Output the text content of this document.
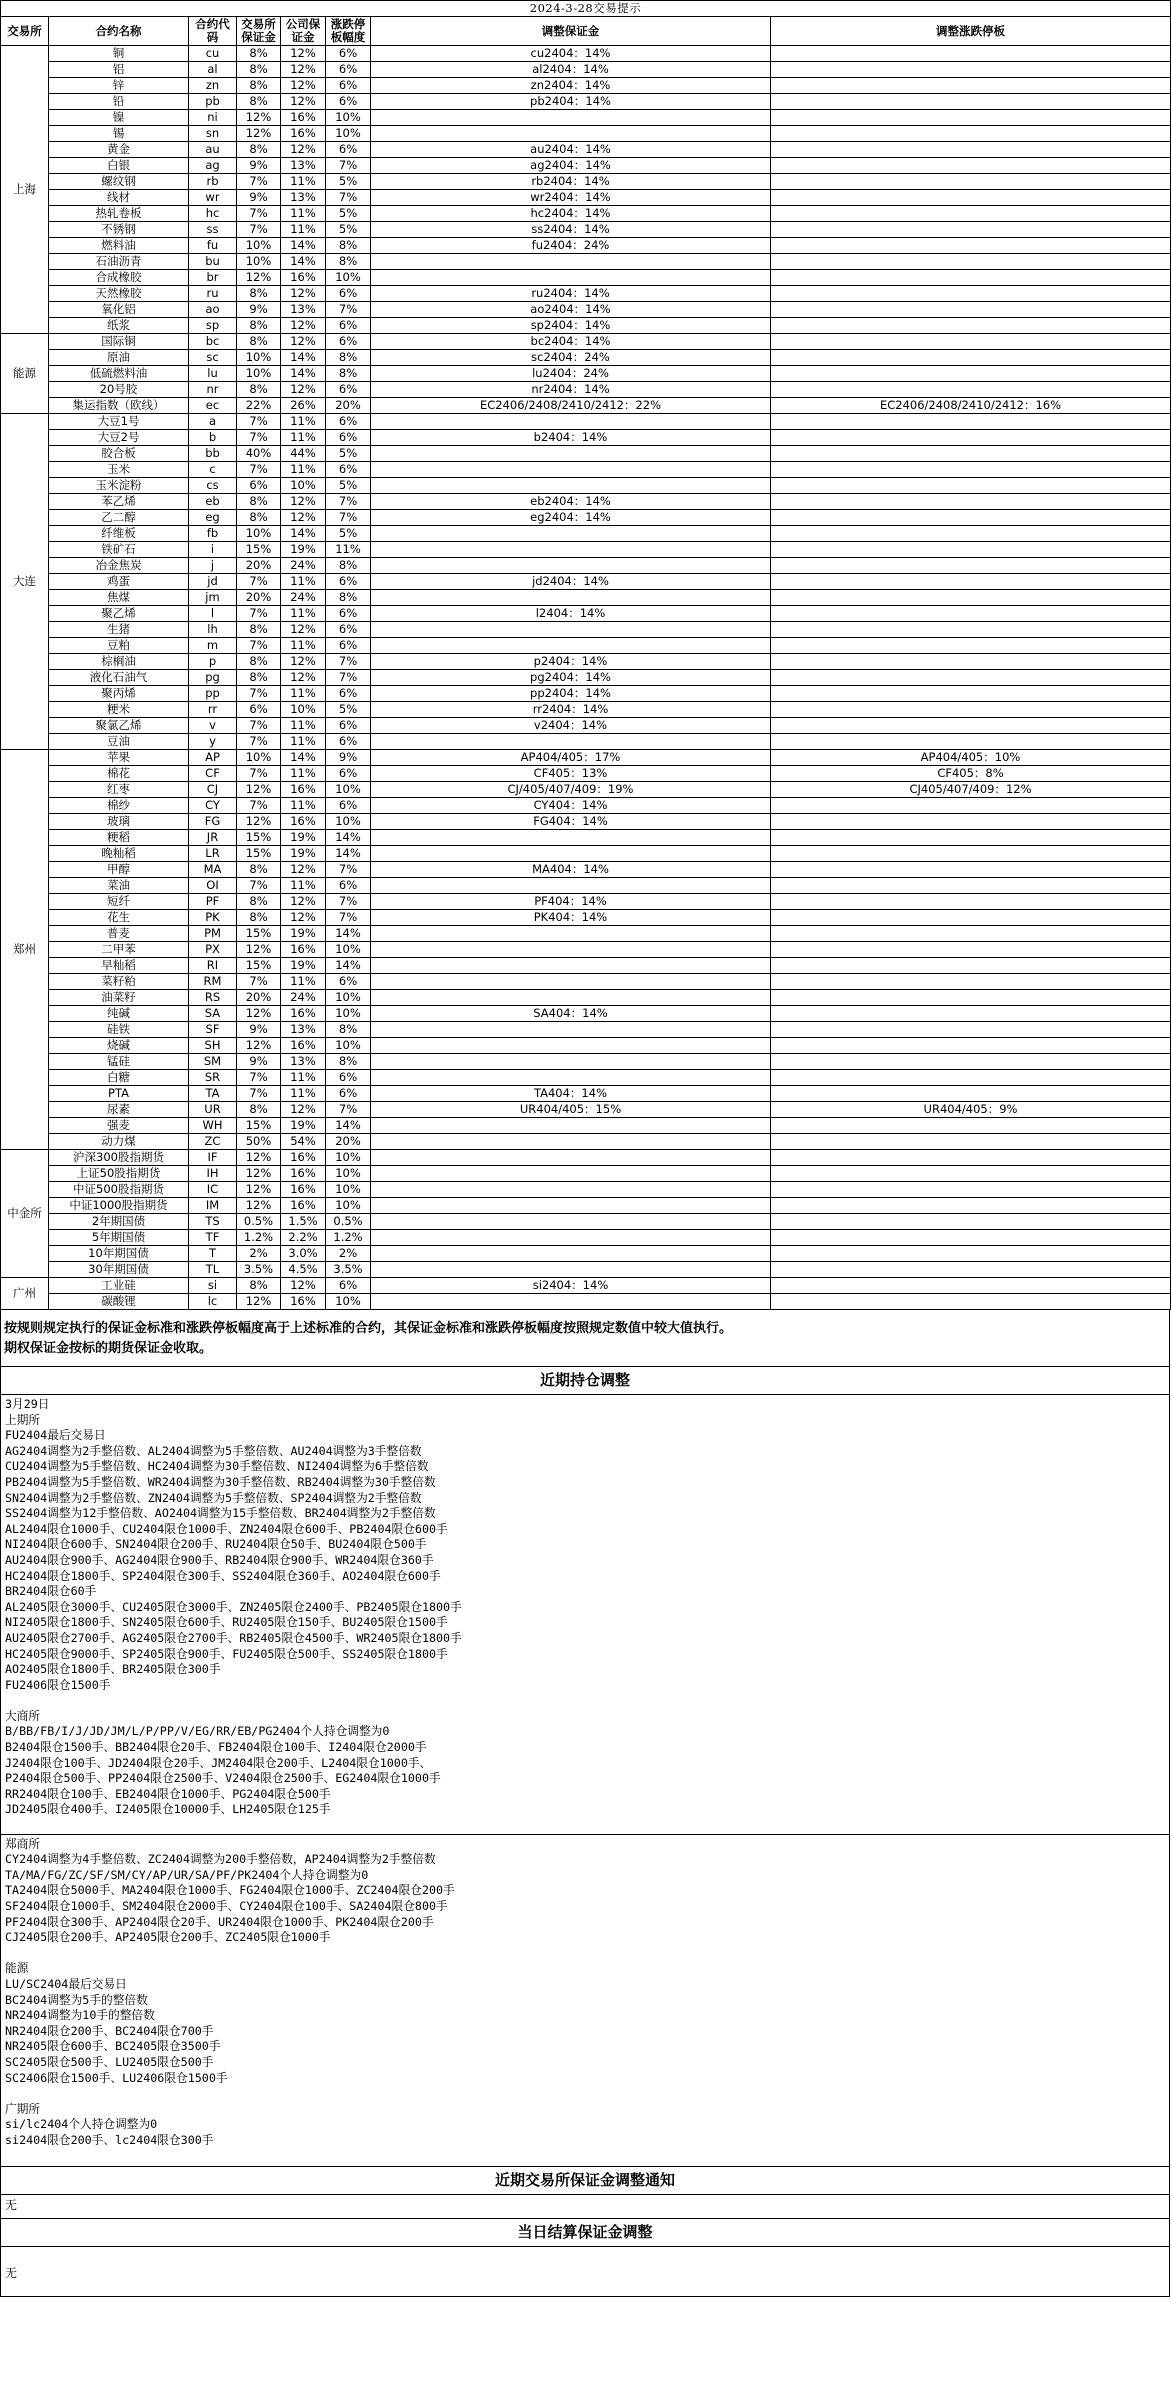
2024-3-28交易提示							
交易所	合约名称	合约代码	交易所保证金	公司保证金	涨跌停板幅度	调整保证金	调整涨跌停板
上海	铜	cu	8%	12%	6%	cu2404：14%	
	铝	al	8%	12%	6%	al2404：14%	
	锌	zn	8%	12%	6%	zn2404：14%	
	铅	pb	8%	12%	6%	pb2404：14%	
	镍	ni	12%	16%	10%		
	锡	sn	12%	16%	10%		
	黄金	au	8%	12%	6%	au2404：14%	
	白银	ag	9%	13%	7%	ag2404：14%	
	螺纹钢	rb	7%	11%	5%	rb2404：14%	
	线材	wr	9%	13%	7%	wr2404：14%	
	热轧卷板	hc	7%	11%	5%	hc2404：14%	
	不锈钢	ss	7%	11%	5%	ss2404：14%	
	燃料油	fu	10%	14%	8%	fu2404：24%	
	石油沥青	bu	10%	14%	8%		
	合成橡胶	br	12%	16%	10%		
	天然橡胶	ru	8%	12%	6%	ru2404：14%	
	氧化铝	ao	9%	13%	7%	ao2404：14%	
	纸浆	sp	8%	12%	6%	sp2404：14%	
能源	国际铜	bc	8%	12%	6%	bc2404：14%	
	原油	sc	10%	14%	8%	sc2404：24%	
	低硫燃料油	lu	10%	14%	8%	lu2404：24%	
	20号胶	nr	8%	12%	6%	nr2404：14%	
	集运指数（欧线）	ec	22%	26%	20%	EC2406/2408/2410/2412：22%	EC2406/2408/2410/2412：16%
大连	大豆1号	a	7%	11%	6%		
	大豆2号	b	7%	11%	6%	b2404：14%	
	胶合板	bb	40%	44%	5%		
	玉米	c	7%	11%	6%		
	玉米淀粉	cs	6%	10%	5%		
	苯乙烯	eb	8%	12%	7%	eb2404：14%	
	乙二醇	eg	8%	12%	7%	eg2404：14%	
	纤维板	fb	10%	14%	5%		
	铁矿石	i	15%	19%	11%		
	冶金焦炭	j	20%	24%	8%		
	鸡蛋	jd	7%	11%	6%	jd2404：14%	
	焦煤	jm	20%	24%	8%		
	聚乙烯	l	7%	11%	6%	l2404：14%	
	生猪	lh	8%	12%	6%		
	豆粕	m	7%	11%	6%		
	棕榈油	p	8%	12%	7%	p2404：14%	
	液化石油气	pg	8%	12%	7%	pg2404：14%	
	聚丙烯	pp	7%	11%	6%	pp2404：14%	
	粳米	rr	6%	10%	5%	rr2404：14%	
	聚氯乙烯	v	7%	11%	6%	v2404：14%	
	豆油	y	7%	11%	6%		
郑州	苹果	AP	10%	14%	9%	AP404/405：17%	AP404/405：10%
	棉花	CF	7%	11%	6%	CF405：13%	CF405：8%
	红枣	CJ	12%	16%	10%	CJ/405/407/409：19%	CJ405/407/409：12%
	棉纱	CY	7%	11%	6%	CY404：14%	
	玻璃	FG	12%	16%	10%	FG404：14%	
	粳稻	JR	15%	19%	14%		
	晚籼稻	LR	15%	19%	14%		
	甲醇	MA	8%	12%	7%	MA404：14%	
	菜油	OI	7%	11%	6%		
	短纤	PF	8%	12%	7%	PF404：14%	
	花生	PK	8%	12%	7%	PK404：14%	
	普麦	PM	15%	19%	14%		
	二甲苯	PX	12%	16%	10%		
	早籼稻	RI	15%	19%	14%		
	菜籽粕	RM	7%	11%	6%		
	油菜籽	RS	20%	24%	10%		
	纯碱	SA	12%	16%	10%	SA404：14%	
	硅铁	SF	9%	13%	8%		
	烧碱	SH	12%	16%	10%		
	锰硅	SM	9%	13%	8%		
	白糖	SR	7%	11%	6%		
	PTA	TA	7%	11%	6%	TA404：14%	
	尿素	UR	8%	12%	7%	UR404/405：15%	UR404/405：9%
	强麦	WH	15%	19%	14%		
	动力煤	ZC	50%	54%	20%		
中金所	沪深300股指期货	IF	12%	16%	10%		
	上证50股指期货	IH	12%	16%	10%		
	中证500股指期货	IC	12%	16%	10%		
	中证1000股指期货	IM	12%	16%	10%		
	2年期国债	TS	0.5%	1.5%	0.5%		
	5年期国债	TF	1.2%	2.2%	1.2%		
	10年期国债	T	2%	3.0%	2%		
	30年期国债	TL	3.5%	4.5%	3.5%		
广州	工业硅	si	8%	12%	6%	si2404：14%	
	碳酸锂	lc	12%	16%	10%		
按规则规定执行的保证金标准和涨跌停板幅度高于上述标准的合约，其保证金标准和涨跌停板幅度按照规定数值中较大值执行。
期权保证金按标的期货保证金收取。
近期持仓调整
3月29日
上期所
FU2404最后交易日
AG2404调整为2手整倍数、AL2404调整为5手整倍数、AU2404调整为3手整倍数
CU2404调整为5手整倍数、HC2404调整为30手整倍数、NI2404调整为6手整倍数
PB2404调整为5手整倍数、WR2404调整为30手整倍数、RB2404调整为30手整倍数
SN2404调整为2手整倍数、ZN2404调整为5手整倍数、SP2404调整为2手整倍数
SS2404调整为12手整倍数、AO2404调整为15手整倍数、BR2404调整为2手整倍数
AL2404限仓1000手、CU2404限仓1000手、ZN2404限仓600手、PB2404限仓600手
NI2404限仓600手、SN2404限仓200手、RU2404限仓50手、BU2404限仓500手
AU2404限仓900手、AG2404限仓900手、RB2404限仓900手、WR2404限仓360手
HC2404限仓1800手、SP2404限仓300手、SS2404限仓360手、AO2404限仓600手
BR2404限仓60手
AL2405限仓3000手、CU2405限仓3000手、ZN2405限仓2400手、PB2405限仓1800手
NI2405限仓1800手、SN2405限仓600手、RU2405限仓150手、BU2405限仓1500手
AU2405限仓2700手、AG2405限仓2700手、RB2405限仓4500手、WR2405限仓1800手
HC2405限仓9000手、SP2405限仓900手、FU2405限仓500手、SS2405限仓1800手
AO2405限仓1800手、BR2405限仓300手
FU2406限仓1500手
大商所
B/BB/FB/I/J/JD/JM/L/P/PP/V/EG/RR/EB/PG2404个人持仓调整为0
B2404限仓1500手、BB2404限仓20手、FB2404限仓100手、I2404限仓2000手
J2404限仓100手、JD2404限仓20手、JM2404限仓200手、L2404限仓1000手、
P2404限仓500手、PP2404限仓2500手、V2404限仓2500手、EG2404限仓1000手
RR2404限仓100手、EB2404限仓1000手、PG2404限仓500手
JD2405限仓400手、I2405限仓10000手、LH2405限仓125手
郑商所
CY2404调整为4手整倍数、ZC2404调整为200手整倍数，AP2404调整为2手整倍数
TA/MA/FG/ZC/SF/SM/CY/AP/UR/SA/PF/PK2404个人持仓调整为0
TA2404限仓5000手、MA2404限仓1000手、FG2404限仓1000手、ZC2404限仓200手
SF2404限仓1000手、SM2404限仓2000手、CY2404限仓100手、SA2404限仓800手
PF2404限仓300手、AP2404限仓20手、UR2404限仓1000手、PK2404限仓200手
CJ2405限仓200手、AP2405限仓200手、ZC2405限仓1000手
能源
LU/SC2404最后交易日
BC2404调整为5手的整倍数
NR2404调整为10手的整倍数
NR2404限仓200手、BC2404限仓700手
NR2405限仓600手、BC2405限仓3500手
SC2405限仓500手、LU2405限仓500手
SC2406限仓1500手、LU2406限仓1500手
广期所
si/lc2404个人持仓调整为0
si2404限仓200手、lc2404限仓300手
近期交易所保证金调整通知
无
当日结算保证金调整
无
